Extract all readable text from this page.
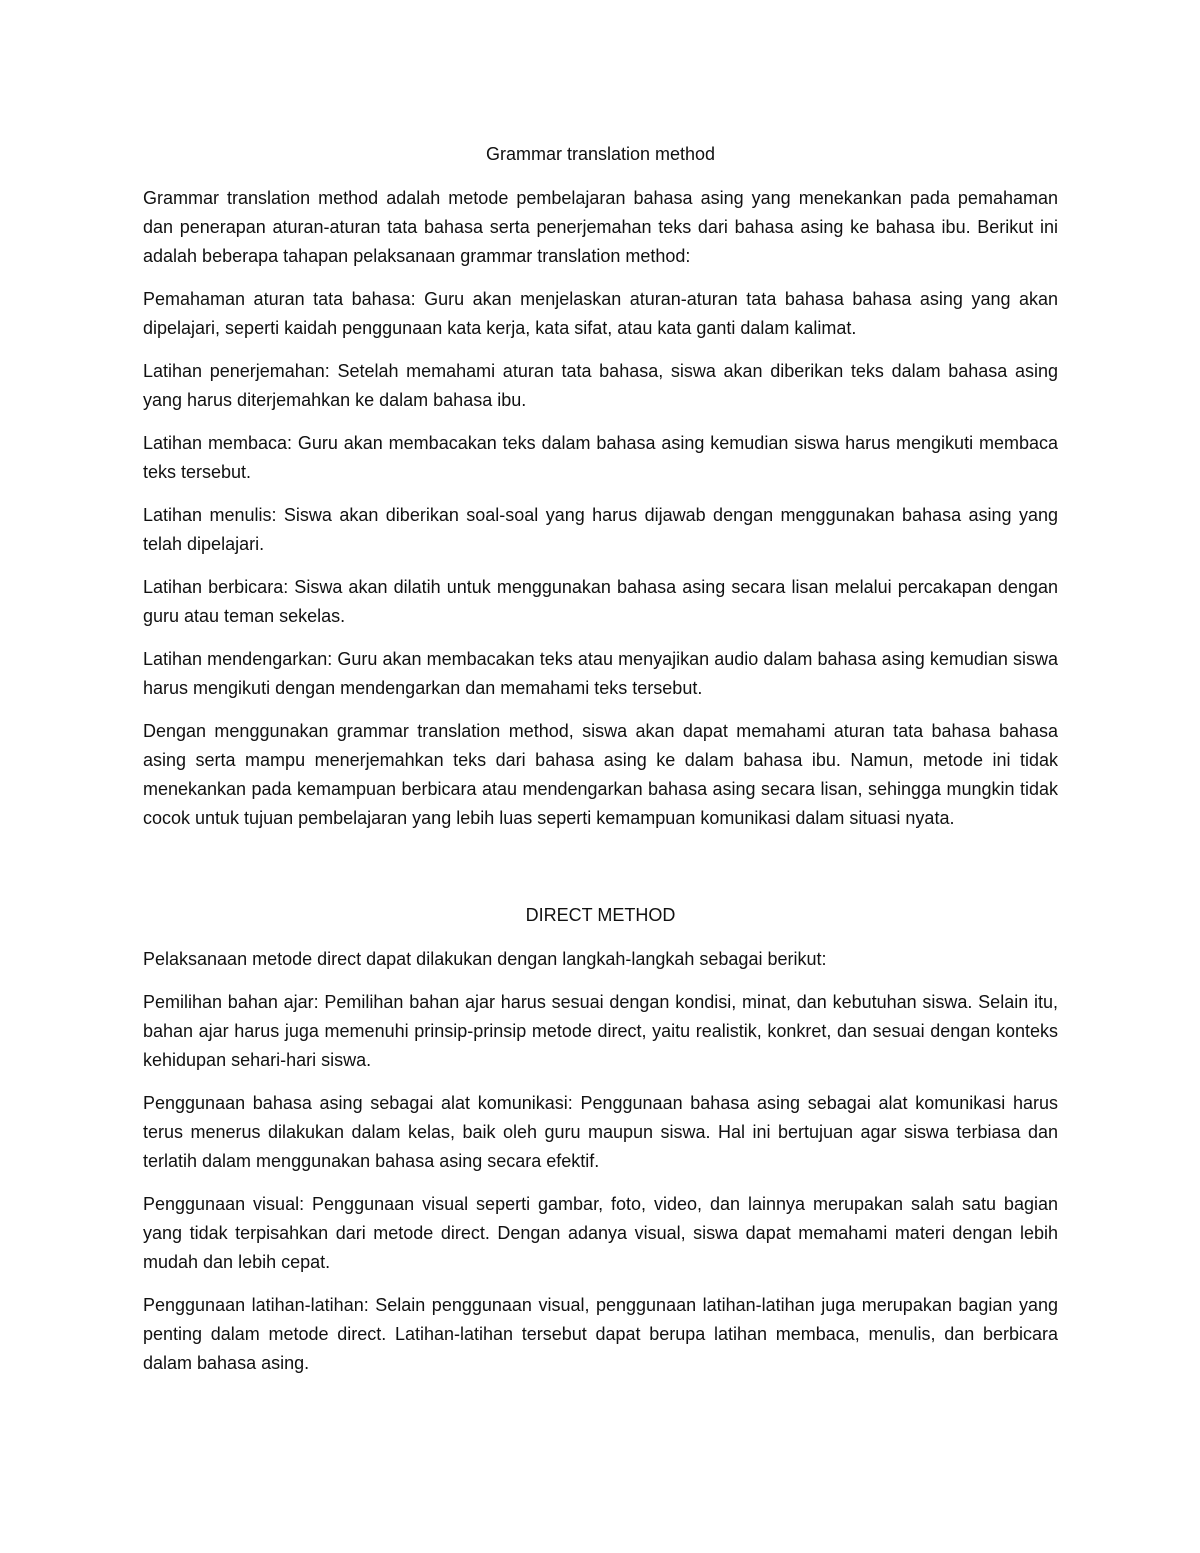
Grammar translation method

Grammar translation method adalah metode pembelajaran bahasa asing yang menekankan pada pemahaman dan penerapan aturan-aturan tata bahasa serta penerjemahan teks dari bahasa asing ke bahasa ibu. Berikut ini adalah beberapa tahapan pelaksanaan grammar translation method:

Pemahaman aturan tata bahasa: Guru akan menjelaskan aturan-aturan tata bahasa bahasa asing yang akan dipelajari, seperti kaidah penggunaan kata kerja, kata sifat, atau kata ganti dalam kalimat.

Latihan penerjemahan: Setelah memahami aturan tata bahasa, siswa akan diberikan teks dalam bahasa asing yang harus diterjemahkan ke dalam bahasa ibu.

Latihan membaca: Guru akan membacakan teks dalam bahasa asing kemudian siswa harus mengikuti membaca teks tersebut.

Latihan menulis: Siswa akan diberikan soal-soal yang harus dijawab dengan menggunakan bahasa asing yang telah dipelajari.

Latihan berbicara: Siswa akan dilatih untuk menggunakan bahasa asing secara lisan melalui percakapan dengan guru atau teman sekelas.

Latihan mendengarkan: Guru akan membacakan teks atau menyajikan audio dalam bahasa asing kemudian siswa harus mengikuti dengan mendengarkan dan memahami teks tersebut.

Dengan menggunakan grammar translation method, siswa akan dapat memahami aturan tata bahasa bahasa asing serta mampu menerjemahkan teks dari bahasa asing ke dalam bahasa ibu. Namun, metode ini tidak menekankan pada kemampuan berbicara atau mendengarkan bahasa asing secara lisan, sehingga mungkin tidak cocok untuk tujuan pembelajaran yang lebih luas seperti kemampuan komunikasi dalam situasi nyata.

DIRECT METHOD

Pelaksanaan metode direct dapat dilakukan dengan langkah-langkah sebagai berikut:

Pemilihan bahan ajar: Pemilihan bahan ajar harus sesuai dengan kondisi, minat, dan kebutuhan siswa. Selain itu, bahan ajar harus juga memenuhi prinsip-prinsip metode direct, yaitu realistik, konkret, dan sesuai dengan konteks kehidupan sehari-hari siswa.

Penggunaan bahasa asing sebagai alat komunikasi: Penggunaan bahasa asing sebagai alat komunikasi harus terus menerus dilakukan dalam kelas, baik oleh guru maupun siswa. Hal ini bertujuan agar siswa terbiasa dan terlatih dalam menggunakan bahasa asing secara efektif.

Penggunaan visual: Penggunaan visual seperti gambar, foto, video, dan lainnya merupakan salah satu bagian yang tidak terpisahkan dari metode direct. Dengan adanya visual, siswa dapat memahami materi dengan lebih mudah dan lebih cepat.

Penggunaan latihan-latihan: Selain penggunaan visual, penggunaan latihan-latihan juga merupakan bagian yang penting dalam metode direct. Latihan-latihan tersebut dapat berupa latihan membaca, menulis, dan berbicara dalam bahasa asing.
